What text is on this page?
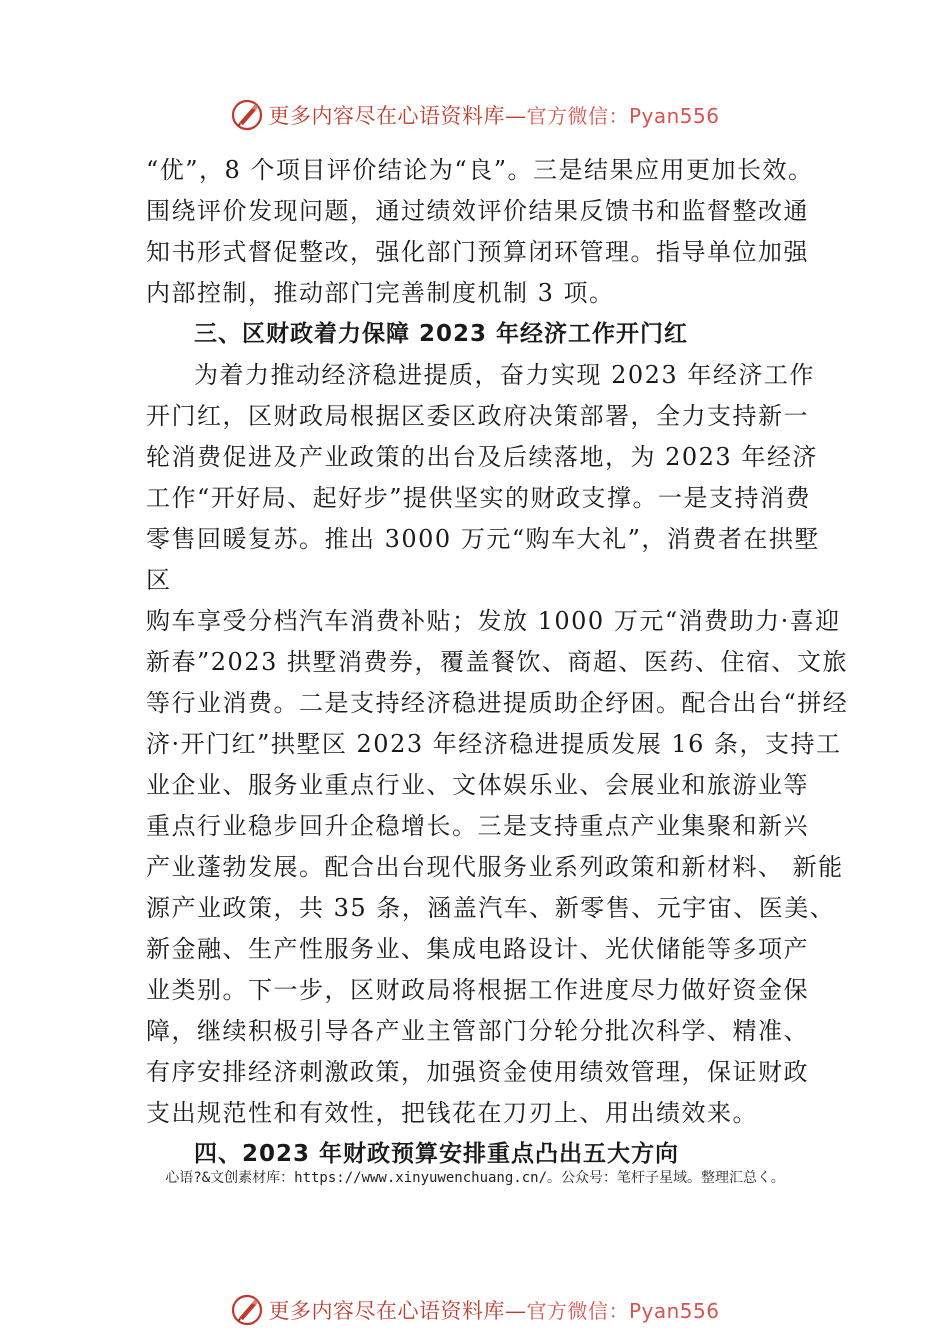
更多内容尽在心语资料库—官方微信：Pyan556
“优”，8 个项目评价结论为“良”。三是结果应用更加长效。
围绕评价发现问题，通过绩效评价结果反馈书和监督整改通
知书形式督促整改，强化部门预算闭环管理。指导单位加强
内部控制，推动部门完善制度机制 3 项。
三、区财政着力保障 2023 年经济工作开门红
为着力推动经济稳进提质，奋力实现 2023 年经济工作
开门红，区财政局根据区委区政府决策部署，全力支持新一
轮消费促进及产业政策的出台及后续落地，为 2023 年经济
工作“开好局、起好步”提供坚实的财政支撑。一是支持消费
零售回暖复苏。推出 3000 万元“购车大礼”，消费者在拱墅
区
购车享受分档汽车消费补贴；发放 1000 万元“消费助力·喜迎
新春”2023 拱墅消费券，覆盖餐饮、商超、医药、住宿、文旅
等行业消费。二是支持经济稳进提质助企纾困。配合出台“拼经
济·开门红”拱墅区 2023 年经济稳进提质发展 16 条，支持工
业企业、服务业重点行业、文体娱乐业、会展业和旅游业等
重点行业稳步回升企稳增长。三是支持重点产业集聚和新兴
产业蓬勃发展。配合出台现代服务业系列政策和新材料、 新能
源产业政策，共 35 条，涵盖汽车、新零售、元宇宙、医美、
新金融、生产性服务业、集成电路设计、光伏储能等多项产
业类别。下一步，区财政局将根据工作进度尽力做好资金保
障，继续积极引导各产业主管部门分轮分批次科学、精准、
有序安排经济刺激政策，加强资金使用绩效管理，保证财政
支出规范性和有效性，把钱花在刀刃上、用出绩效来。
四、2023 年财政预算安排重点凸出五大方向
心语?&文创素材库：https://www.xinyuwenchuang.cn/。公众号：笔杆子星域。整理汇总く。
更多内容尽在心语资料库—官方微信：Pyan556
